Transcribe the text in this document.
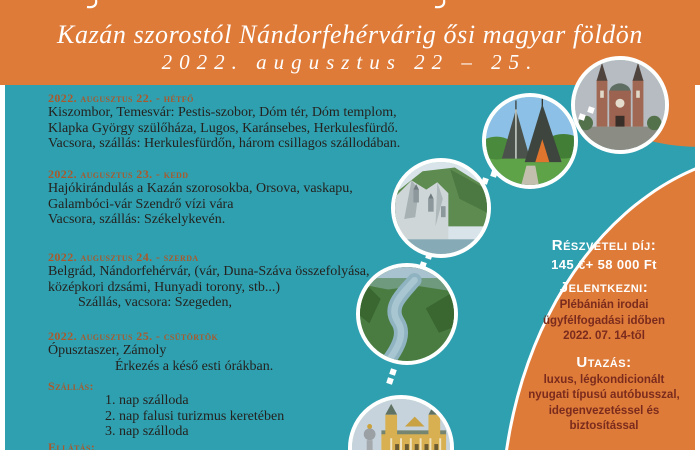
Kazán szorostól Nándorfehérvárig ősi magyar földön
2022. augusztus 22 – 25.
2022. augusztus 22. - hétfő
Kiszombor, Temesvár: Pestis-szobor, Dóm tér, Dóm templom,
Klapka György szülőháza, Lugos, Karánsebes, Herkulesfürdő.
Vacsora, szállás: Herkulesfürdőn, három csillagos szállodában.
2022. augusztus 23. - kedd
Hajókirándulás a Kazán szorosokba, Orsova, vaskapu,
Galambóci-vár Szendrő vízi vára
Vacsora, szállás: Székelykevén.
2022. augusztus 24. - szerda
Belgrád, Nándorfehérvár, (vár, Duna-Száva összefolyása,
középkori dzsámi, Hunyadi torony, stb...)
Szállás, vacsora: Szegeden,
2022. augusztus 25. - csütörtök
Ópusztaszer, Zámoly
Érkezés a késő esti órákban.
Szállás:
1. nap szálloda
2. nap falusi turizmus keretében
3. nap szálloda
Ellátás:
Részvételi díj:
145 €+ 58 000 Ft
Jelentkezni:
Plébánián irodai
ügyfélfogadási időben
2022. 07. 14-től
Utazás:
luxus, légkondicionált
nyugati típusú autóbusszal,
idegenvezetéssel és
biztosítással
